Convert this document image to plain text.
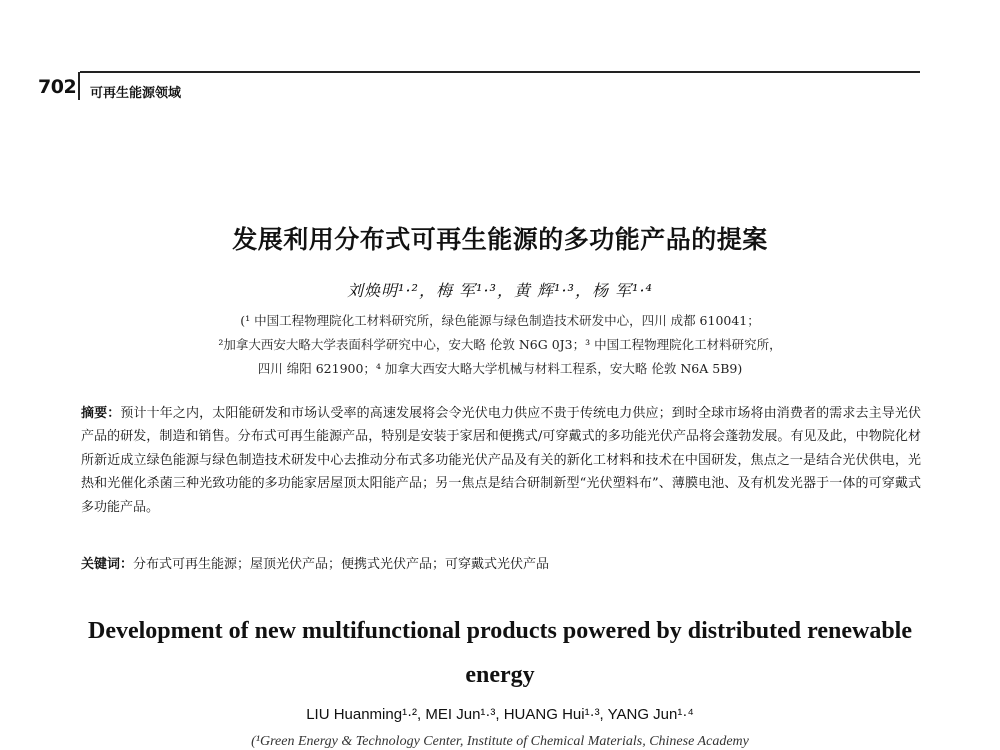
702 可再生能源领域
发展利用分布式可再生能源的多功能产品的提案
刘焕明¹·²，梅 军¹·³，黄 辉¹·³，杨 军¹·⁴
(¹ 中国工程物理院化工材料研究所，绿色能源与绿色制造技术研发中心，四川 成都 610041；
²加拿大西安大略大学表面科学研究中心，安大略 伦敦 N6G 0J3；³ 中国工程物理院化工材料研究所，
四川 绵阳 621900；⁴ 加拿大西安大略大学机械与材料工程系，安大略 伦敦 N6A 5B9)
摘要：预计十年之内，太阳能研发和市场认受率的高速发展将会令光伏电力供应不贵于传统电力供应；到时全球市场将由消费者的需求去主导光伏产品的研发，制造和销售。分布式可再生能源产品，特别是安装于家居和便携式/可穿戴式的多功能光伏产品将会蓬勃发展。有见及此，中物院化材所新近成立绿色能源与绿色制造技术研发中心去推动分布式多功能光伏产品及有关的新化工材料和技术在中国研发，焦点之一是结合光伏供电，光热和光催化杀菌三种光致功能的多功能家居屋顶太阳能产品；另一焦点是结合研制新型“光伏塑料布”、薄膜电池、及有机发光器于一体的可穿戴式多功能产品。
关键词：分布式可再生能源；屋顶光伏产品；便携式光伏产品；可穿戴式光伏产品
Development of new multifunctional products powered by distributed renewable energy
LIU Huanming¹·², MEI Jun¹·³, HUANG Hui¹·³, YANG Jun¹·⁴
(¹Green Energy & Technology Center, Institute of Chemical Materials, Chinese Academy
